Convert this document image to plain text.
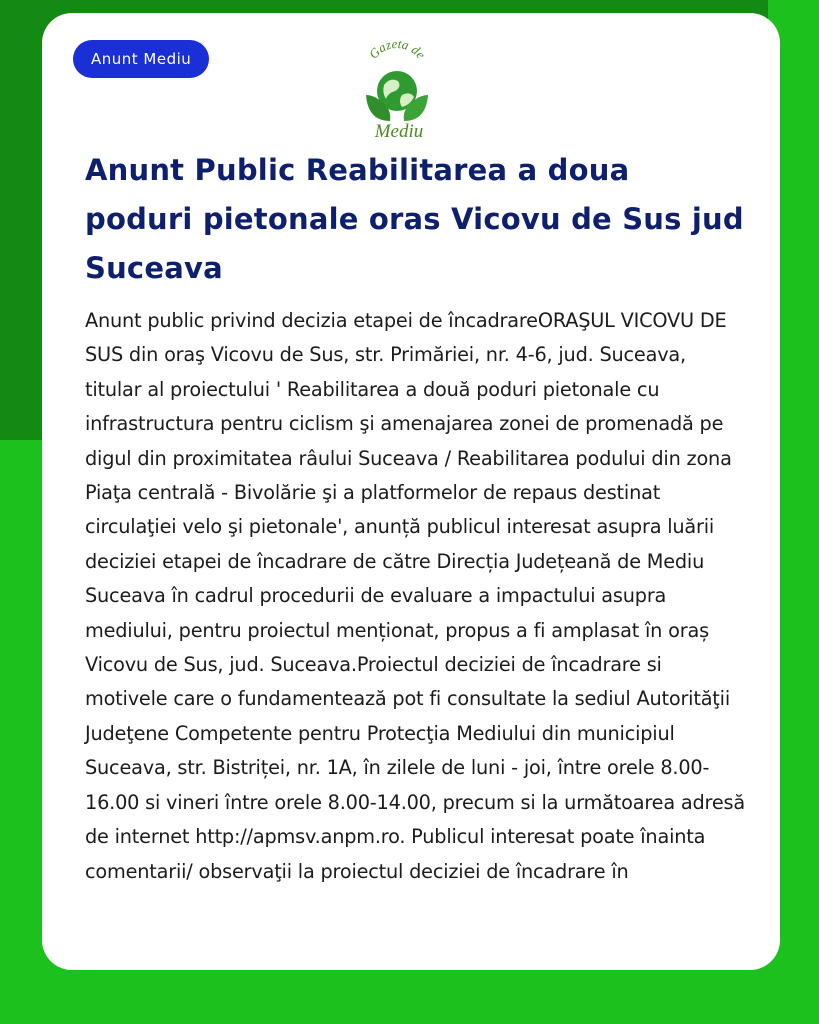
Anunt Mediu	Gazeta de
Mediu
Anunt Public Reabilitarea a doua poduri pietonale oras Vicovu de Sus jud Suceava

Anunt public privind decizia etapei de încadrareORAŞUL VICOVU DE SUS din oraş Vicovu de Sus, str. Primăriei, nr. 4-6, jud. Suceava, titular al proiectului ' Reabilitarea a două poduri pietonale cu infrastructura pentru ciclism şi amenajarea zonei de promenadă pe digul din proximitatea râului Suceava / Reabilitarea podului din zona Piaţa centrală - Bivolărie şi a platformelor de repaus destinat circulaţiei velo şi pietonale', anunță publicul interesat asupra luării deciziei etapei de încadrare de către Direcția Județeană de Mediu Suceava în cadrul procedurii de evaluare a impactului asupra mediului, pentru proiectul menționat, propus a fi amplasat în oraș Vicovu de Sus, jud. Suceava.Proiectul deciziei de încadrare si motivele care o fundamentează pot fi consultate la sediul Autorităţii Judeţene Competente pentru Protecţia Mediului din municipiul Suceava, str. Bistriței, nr. 1A, în zilele de luni - joi, între orele 8.00-16.00 si vineri între orele 8.00-14.00, precum si la următoarea adresă de internet http://apmsv.anpm.ro. Publicul interesat poate înainta comentarii/ observaţii la proiectul deciziei de încadrare în
